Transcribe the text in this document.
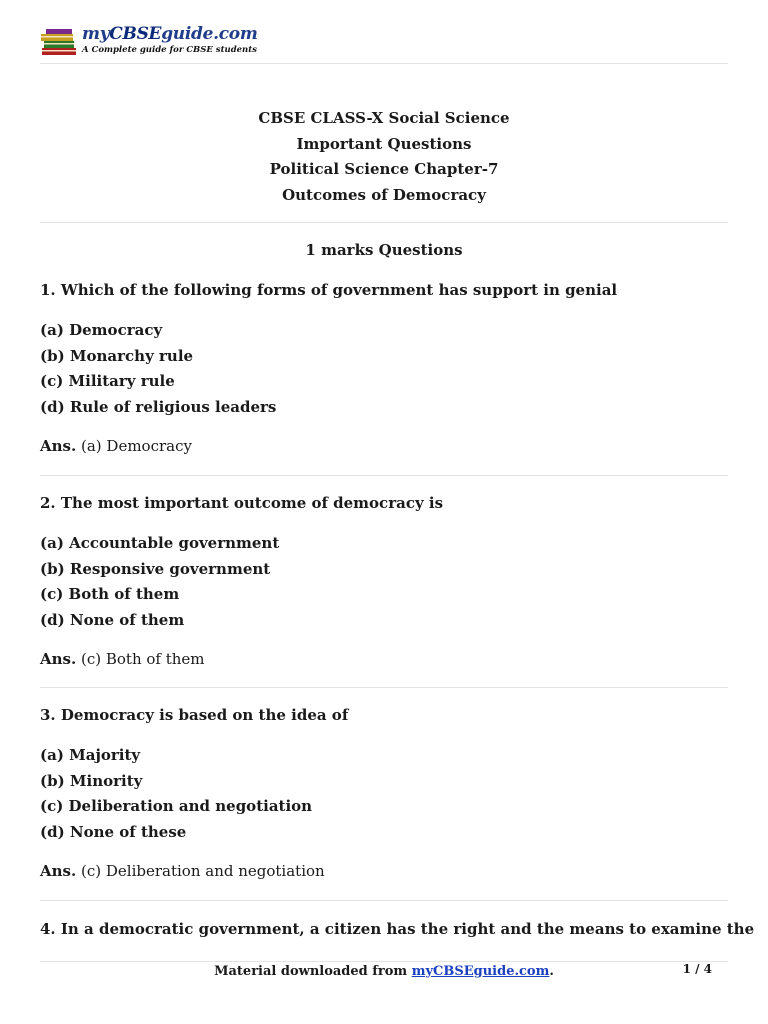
myCBSEguide.com
A Complete guide for CBSE students
CBSE CLASS-X Social Science
Important Questions
Political Science Chapter-7
Outcomes of Democracy
1 marks Questions
1. Which of the following forms of government has support in genial
(a) Democracy
(b) Monarchy rule
(c) Military rule
(d) Rule of religious leaders
Ans. (a) Democracy
2. The most important outcome of democracy is
(a) Accountable government
(b) Responsive government
(c) Both of them
(d) None of them
Ans. (c) Both of them
3. Democracy is based on the idea of
(a) Majority
(b) Minority
(c) Deliberation and negotiation
(d) None of these
Ans. (c) Deliberation and negotiation
4. In a democratic government, a citizen has the right and the means to examine the
Material downloaded from myCBSEguide.com.	1 / 4
